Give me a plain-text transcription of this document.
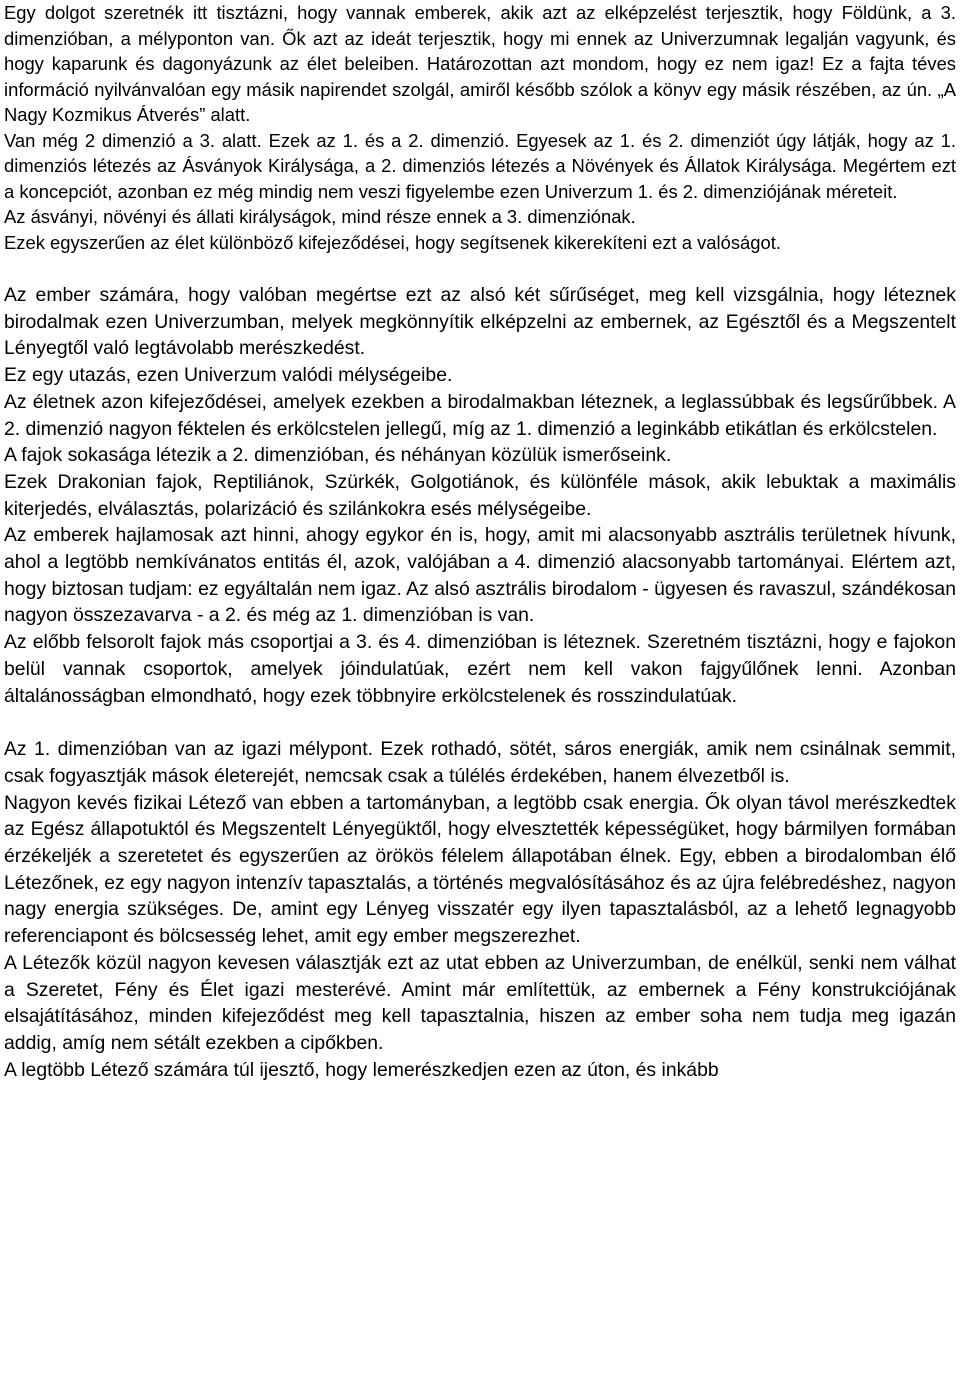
Egy dolgot szeretnék itt tisztázni, hogy vannak emberek, akik azt az elképzelést terjesztik, hogy Földünk, a 3. dimenzióban, a mélyponton van. Ők azt az ideát terjesztik, hogy mi ennek az Univerzumnak legalján vagyunk, és hogy kaparunk és dagonyázunk az élet beleiben. Határozottan azt mondom, hogy ez nem igaz! Ez a fajta téves információ nyilvánvalóan egy másik napirendet szolgál, amiről később szólok a könyv egy másik részében, az ún. „A Nagy Kozmikus Átverés” alatt.

Van még 2 dimenzió a 3. alatt. Ezek az 1. és a 2. dimenzió. Egyesek az 1. és 2. dimenziót úgy látják, hogy az 1. dimenziós létezés az Ásványok Királysága, a 2. dimenziós létezés a Növények és Állatok Királysága. Megértem ezt a koncepciót, azonban ez még mindig nem veszi figyelembe ezen Univerzum 1. és 2. dimenziójának méreteit.

Az ásványi, növényi és állati királyságok, mind része ennek a 3. dimenziónak.

Ezek egyszerűen az élet különböző kifejeződései, hogy segítsenek kikerekíteni ezt a valóságot.

Az ember számára, hogy valóban megértse ezt az alsó két sűrűséget, meg kell vizsgálnia, hogy léteznek birodalmak ezen Univerzumban, melyek megkönnyítik elképzelni az embernek, az Egésztől és a Megszentelt Lényegtől való legtávolabb merészkedést.

Ez egy utazás, ezen Univerzum valódi mélységeibe.

Az életnek azon kifejeződései, amelyek ezekben a birodalmakban léteznek, a leglassúbbak és legsűrűbbek. A 2. dimenzió nagyon féktelen és erkölcstelen jellegű, míg az 1. dimenzió a leginkább etikátlan és erkölcstelen.

A fajok sokasága létezik a 2. dimenzióban, és néhányan közülük ismerőseink.

Ezek Drakonian fajok, Reptiliánok, Szürkék, Golgotiánok, és különféle mások, akik lebuktak a maximális kiterjedés, elválasztás, polarizáció és szilánkokra esés mélységeibe.

Az emberek hajlamosak azt hinni, ahogy egykor én is, hogy, amit mi alacsonyabb asztrális területnek hívunk, ahol a legtöbb nemkívánatos entitás él, azok, valójában a 4. dimenzió alacsonyabb tartományai. Elértem azt, hogy biztosan tudjam: ez egyáltalán nem igaz. Az alsó asztrális birodalom - ügyesen és ravaszul, szándékosan nagyon összezavarva - a 2. és még az 1. dimenzióban is van.

Az előbb felsorolt fajok más csoportjai a 3. és 4. dimenzióban is léteznek. Szeretném tisztázni, hogy e fajokon belül vannak csoportok, amelyek jóindulatúak, ezért nem kell vakon fajgyűlőnek lenni. Azonban általánosságban elmondható, hogy ezek többnyire erkölcstelenek és rosszindulatúak.

Az 1. dimenzióban van az igazi mélypont. Ezek rothadó, sötét, sáros energiák, amik nem csinálnak semmit, csak fogyasztják mások életerejét, nemcsak csak a túlélés érdekében, hanem élvezetből is.

Nagyon kevés fizikai Létező van ebben a tartományban, a legtöbb csak energia. Ők olyan távol merészkedtek az Egész állapotuktól és Megszentelt Lényegüktől, hogy elvesztették képességüket, hogy bármilyen formában érzékeljék a szeretetet és egyszerűen az örökös félelem állapotában élnek. Egy, ebben a birodalomban élő Létezőnek, ez egy nagyon intenzív tapasztalás, a történés megvalósításához és az újra felébredéshez, nagyon nagy energia szükséges. De, amint egy Lényeg visszatér egy ilyen tapasztalásból, az a lehető legnagyobb referenciapont és bölcsesség lehet, amit egy ember megszerezhet.

A Létezők közül nagyon kevesen választják ezt az utat ebben az Univerzumban, de enélkül, senki nem válhat a Szeretet, Fény és Élet igazi mesterévé. Amint már említettük, az embernek a Fény konstrukciójának elsajátításához, minden kifejeződést meg kell tapasztalnia, hiszen az ember soha nem tudja meg igazán addig, amíg nem sétált ezekben a cipőkben.

A legtöbb Létező számára túl ijesztő, hogy lemerészkedjen ezen az úton, és inkább
